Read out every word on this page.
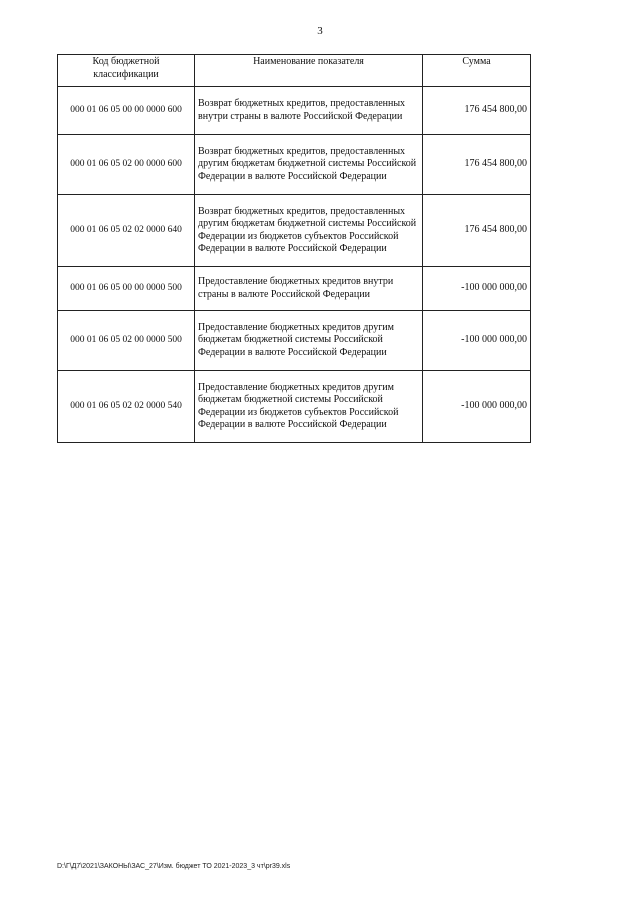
3
Код бюджетной классификации	Наименование показателя	Сумма
000 01 06 05 00 00 0000 600	Возврат бюджетных кредитов, предоставленных внутри страны в валюте Российской Федерации	176 454 800,00
000 01 06 05 02 00 0000 600	Возврат бюджетных кредитов, предоставленных другим бюджетам бюджетной системы Российской Федерации в валюте Российской Федерации	176 454 800,00
000 01 06 05 02 02 0000 640	Возврат бюджетных кредитов, предоставленных другим бюджетам бюджетной системы Российской Федерации из бюджетов субъектов Российской Федерации в валюте Российской Федерации	176 454 800,00
000 01 06 05 00 00 0000 500	Предоставление бюджетных кредитов внутри страны в валюте Российской Федерации	-100 000 000,00
000 01 06 05 02 00 0000 500	Предоставление бюджетных кредитов другим бюджетам бюджетной системы Российской Федерации в валюте Российской Федерации	-100 000 000,00
000 01 06 05 02 02 0000 540	Предоставление бюджетных кредитов другим бюджетам бюджетной системы Российской Федерации из бюджетов субъектов Российской Федерации в валюте Российской Федерации	-100 000 000,00
D:\Г\Д7\2021\ЗАКОНЫ\ЗАС_27\Изм. бюджет ТО 2021-2023_3 чт\pr39.xls
